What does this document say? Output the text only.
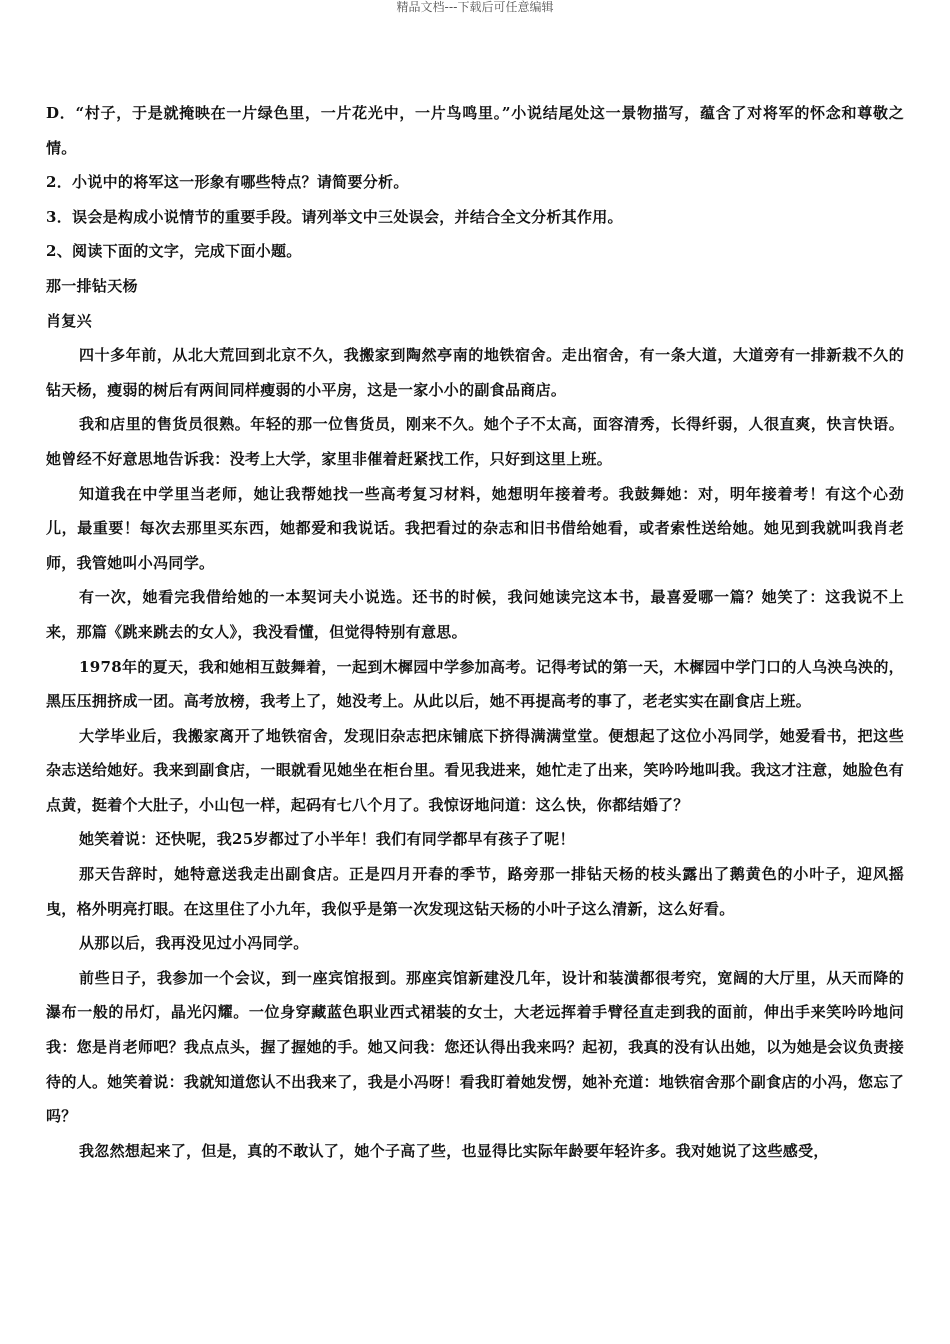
精品文档---下载后可任意编辑

D．“村子，于是就掩映在一片绿色里，一片花光中，一片鸟鸣里。”小说结尾处这一景物描写，蕴含了对将军的怀念和尊敬之情。

2．小说中的将军这一形象有哪些特点？请简要分析。

3．误会是构成小说情节的重要手段。请列举文中三处误会，并结合全文分析其作用。

2、阅读下面的文字，完成下面小题。

那一排钻天杨

肖复兴

四十多年前，从北大荒回到北京不久，我搬家到陶然亭南的地铁宿舍。走出宿舍，有一条大道，大道旁有一排新栽不久的钻天杨，瘦弱的树后有两间同样瘦弱的小平房，这是一家小小的副食品商店。

我和店里的售货员很熟。年轻的那一位售货员，刚来不久。她个子不太高，面容清秀，长得纤弱，人很直爽，快言快语。她曾经不好意思地告诉我：没考上大学，家里非催着赶紧找工作，只好到这里上班。

知道我在中学里当老师，她让我帮她找一些高考复习材料，她想明年接着考。我鼓舞她：对，明年接着考！有这个心劲儿，最重要！每次去那里买东西，她都爱和我说话。我把看过的杂志和旧书借给她看，或者索性送给她。她见到我就叫我肖老师，我管她叫小冯同学。

有一次，她看完我借给她的一本契诃夫小说选。还书的时候，我问她读完这本书，最喜爱哪一篇？她笑了：这我说不上来，那篇《跳来跳去的女人》，我没看懂，但觉得特别有意思。

1978年的夏天，我和她相互鼓舞着，一起到木樨园中学参加高考。记得考试的第一天，木樨园中学门口的人乌泱乌泱的，黑压压拥挤成一团。高考放榜，我考上了，她没考上。从此以后，她不再提高考的事了，老老实实在副食店上班。

大学毕业后，我搬家离开了地铁宿舍，发现旧杂志把床铺底下挤得满满堂堂。便想起了这位小冯同学，她爱看书，把这些杂志送给她好。我来到副食店，一眼就看见她坐在柜台里。看见我进来，她忙走了出来，笑吟吟地叫我。我这才注意，她脸色有点黄，挺着个大肚子，小山包一样，起码有七八个月了。我惊讶地问道：这么快，你都结婚了？

她笑着说：还快呢，我25岁都过了小半年！我们有同学都早有孩子了呢！

那天告辞时，她特意送我走出副食店。正是四月开春的季节，路旁那一排钻天杨的枝头露出了鹅黄色的小叶子，迎风摇曳，格外明亮打眼。在这里住了小九年，我似乎是第一次发现这钻天杨的小叶子这么清新，这么好看。

从那以后，我再没见过小冯同学。

前些日子，我参加一个会议，到一座宾馆报到。那座宾馆新建没几年，设计和装潢都很考究，宽阔的大厅里，从天而降的瀑布一般的吊灯，晶光闪耀。一位身穿藏蓝色职业西式裙装的女士，大老远挥着手臂径直走到我的面前，伸出手来笑吟吟地问我：您是肖老师吧？我点点头，握了握她的手。她又问我：您还认得出我来吗？起初，我真的没有认出她，以为她是会议负责接待的人。她笑着说：我就知道您认不出我来了，我是小冯呀！看我盯着她发愣，她补充道：地铁宿舍那个副食店的小冯，您忘了吗？

我忽然想起来了，但是，真的不敢认了，她个子高了些，也显得比实际年龄要年轻许多。我对她说了这些感受，
